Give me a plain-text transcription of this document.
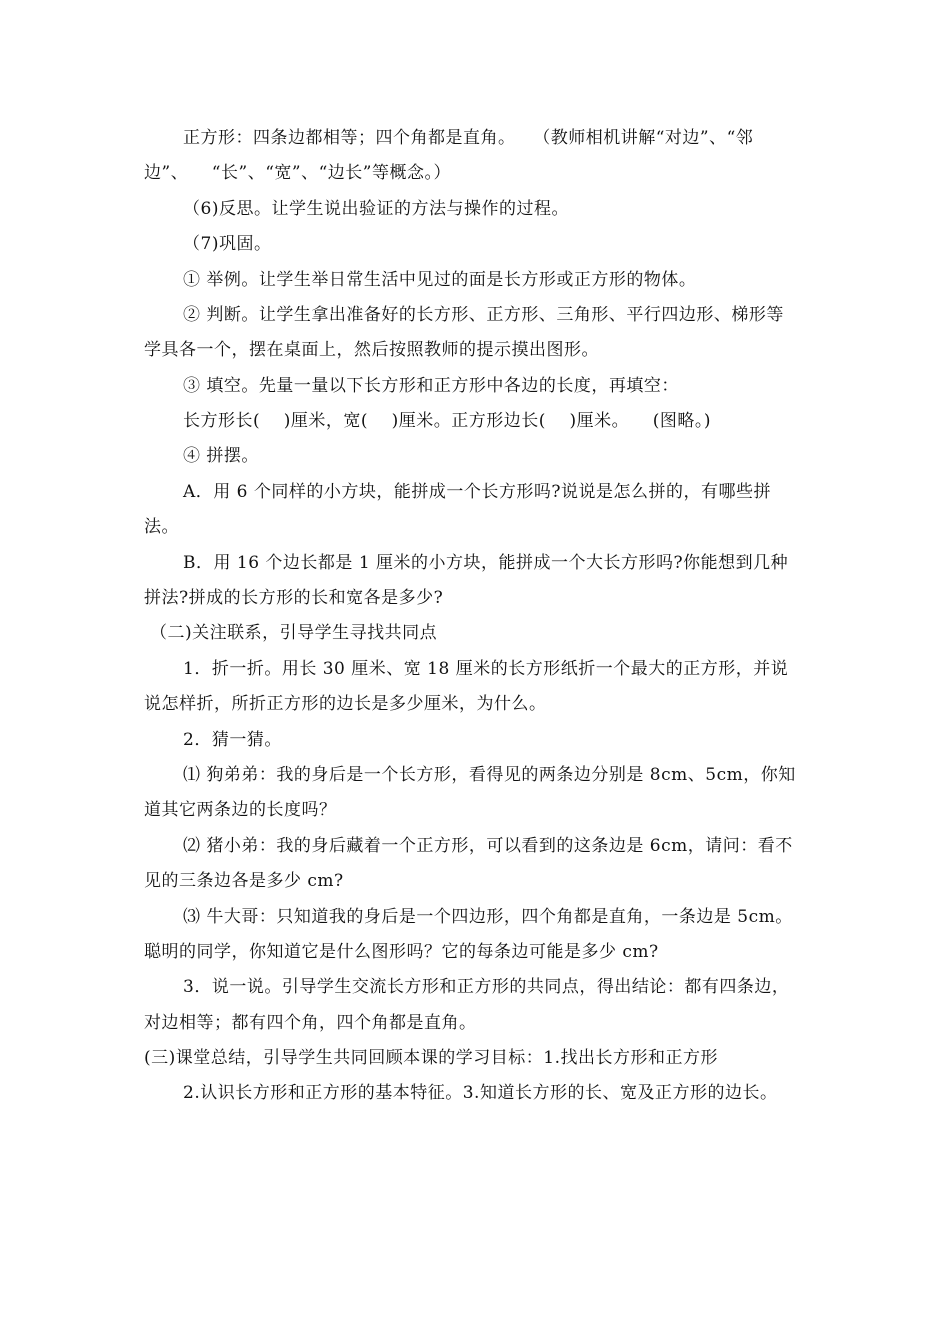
正方形：四条边都相等；四个角都是直角。   （教师相机讲解“对边”、“邻
边”、    “长”、“宽”、“边长”等概念。）
（6)反思。让学生说出验证的方法与操作的过程。
（7)巩固。
① 举例。让学生举日常生活中见过的面是长方形或正方形的物体。
② 判断。让学生拿出准备好的长方形、正方形、三角形、平行四边形、梯形等
学具各一个，摆在桌面上，然后按照教师的提示摸出图形。
③ 填空。先量一量以下长方形和正方形中各边的长度，再填空：
长方形长(    )厘米，宽(    )厘米。正方形边长(    )厘米。    (图略。)
④ 拼摆。
A．用 6 个同样的小方块，能拼成一个长方形吗?说说是怎么拼的，有哪些拼
法。
B．用 16 个边长都是 1 厘米的小方块，能拼成一个大长方形吗?你能想到几种
拼法?拼成的长方形的长和宽各是多少?
（二)关注联系，引导学生寻找共同点
1．折一折。用长 30 厘米、宽 18 厘米的长方形纸折一个最大的正方形，并说
说怎样折，所折正方形的边长是多少厘米，为什么。
2．猜一猜。
⑴ 狗弟弟：我的身后是一个长方形，看得见的两条边分别是 8cm、5cm，你知
道其它两条边的长度吗？
⑵ 猪小弟：我的身后藏着一个正方形，可以看到的这条边是 6cm，请问：看不
见的三条边各是多少 cm?
⑶ 牛大哥：只知道我的身后是一个四边形，四个角都是直角，一条边是 5cm。
聪明的同学，你知道它是什么图形吗？它的每条边可能是多少 cm?
3．说一说。引导学生交流长方形和正方形的共同点，得出结论：都有四条边，
对边相等；都有四个角，四个角都是直角。
(三)课堂总结，引导学生共同回顾本课的学习目标：1.找出长方形和正方形
2.认识长方形和正方形的基本特征。3.知道长方形的长、宽及正方形的边长。
